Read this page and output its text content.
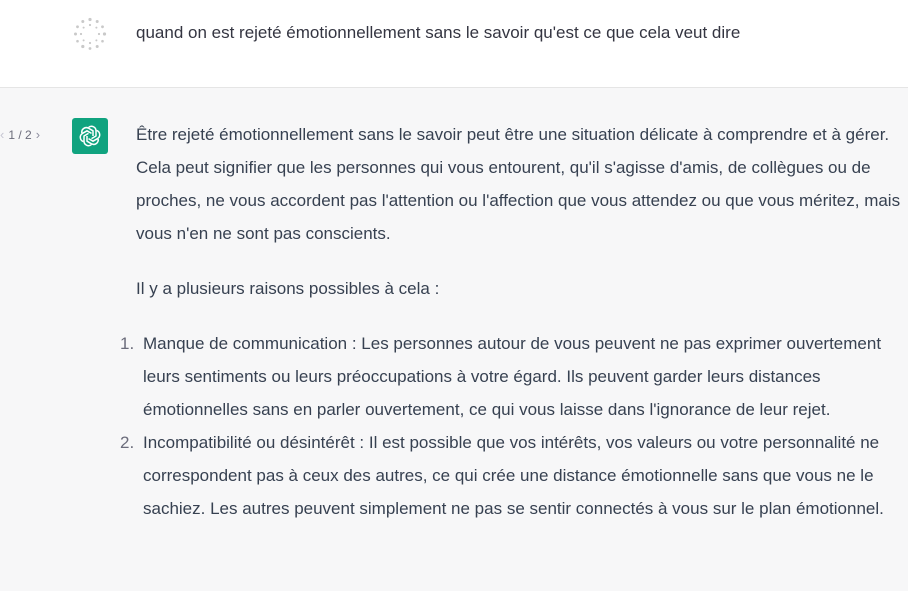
quand on est rejeté émotionnellement sans le savoir qu'est ce que cela veut dire
‹ 1 / 2 ›	Être rejeté émotionnellement sans le savoir peut être une situation délicate à comprendre et à gérer. Cela peut signifier que les personnes qui vous entourent, qu'il s'agisse d'amis, de collègues ou de proches, ne vous accordent pas l'attention ou l'affection que vous attendez ou que vous méritez, mais vous n'en ne sont pas conscients.

Il y a plusieurs raisons possibles à cela :

1. Manque de communication : Les personnes autour de vous peuvent ne pas exprimer ouvertement leurs sentiments ou leurs préoccupations à votre égard. Ils peuvent garder leurs distances émotionnelles sans en parler ouvertement, ce qui vous laisse dans l'ignorance de leur rejet.
2. Incompatibilité ou désintérêt : Il est possible que vos intérêts, vos valeurs ou votre personnalité ne correspondent pas à ceux des autres, ce qui crée une distance émotionnelle sans que vous ne le sachiez. Les autres peuvent simplement ne pas se sentir connectés à vous sur le plan émotionnel.
